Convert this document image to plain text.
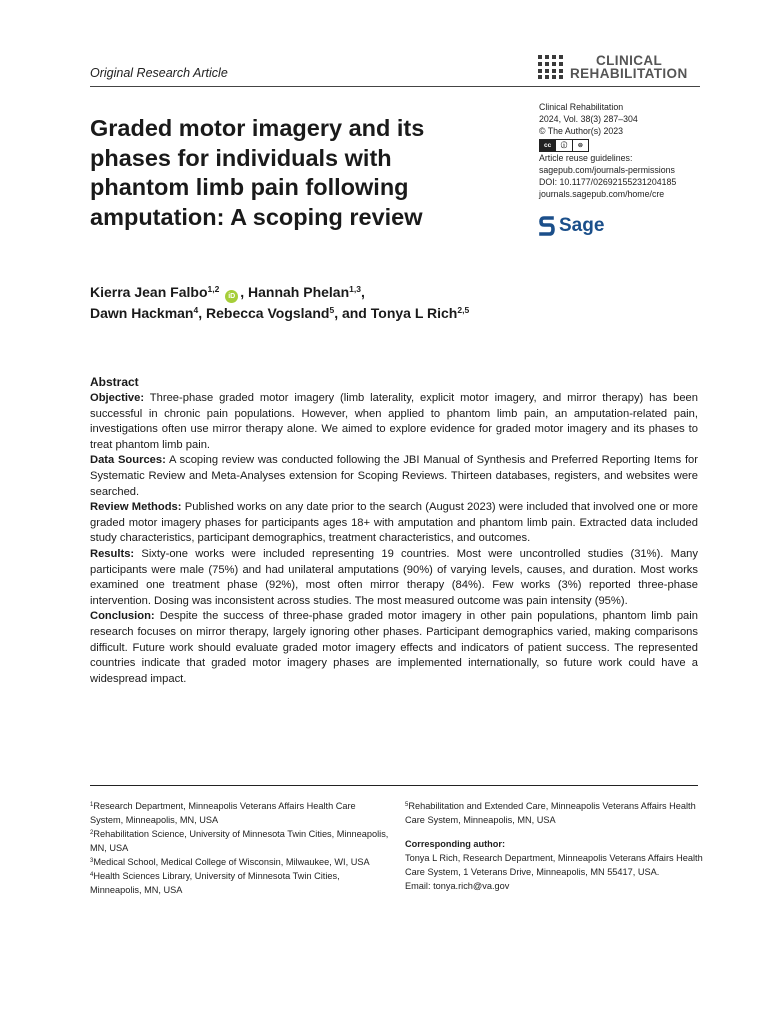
Original Research Article
CLINICAL
REHABILITATION
Graded motor imagery and its phases for individuals with phantom limb pain following amputation: A scoping review
Clinical Rehabilitation
2024, Vol. 38(3) 287–304
© The Author(s) 2023
cc	ⓘ	⊜
Article reuse guidelines:
sagepub.com/journals-permissions
DOI: 10.1177/02692155231204185
journals.sagepub.com/home/cre
Sage
Kierra Jean Falbo$^{1,2}$ iD , Hannah Phelan$^{1,3}$,
Dawn Hackman$^4$, Rebecca Vogsland$^5$, and Tonya L Rich$^{2,5}$
Abstract

Objective: Three-phase graded motor imagery (limb laterality, explicit motor imagery, and mirror therapy) has been successful in chronic pain populations. However, when applied to phantom limb pain, an amputation-related pain, investigations often use mirror therapy alone. We aimed to explore evidence for graded motor imagery and its phases to treat phantom limb pain.

Data Sources: A scoping review was conducted following the JBI Manual of Synthesis and Preferred Reporting Items for Systematic Review and Meta-Analyses extension for Scoping Reviews. Thirteen databases, registers, and websites were searched.

Review Methods: Published works on any date prior to the search (August 2023) were included that involved one or more graded motor imagery phases for participants ages 18+ with amputation and phantom limb pain. Extracted data included study characteristics, participant demographics, treatment characteristics, and outcomes.

Results: Sixty-one works were included representing 19 countries. Most were uncontrolled studies (31%). Many participants were male (75%) and had unilateral amputations (90%) of varying levels, causes, and duration. Most works examined one treatment phase (92%), most often mirror therapy (84%). Few works (3%) reported three-phase intervention. Dosing was inconsistent across studies. The most measured outcome was pain intensity (95%).

Conclusion: Despite the success of three-phase graded motor imagery in other pain populations, phantom limb pain research focuses on mirror therapy, largely ignoring other phases. Participant demographics varied, making comparisons difficult. Future work should evaluate graded motor imagery effects and indicators of patient success. The represented countries indicate that graded motor imagery phases are implemented internationally, so future work could have a widespread impact.

$^1$Research Department, Minneapolis Veterans Affairs Health Care System, Minneapolis, MN, USA

$^2$Rehabilitation Science, University of Minnesota Twin Cities, Minneapolis, MN, USA

$^3$Medical School, Medical College of Wisconsin, Milwaukee, WI, USA

$^4$Health Sciences Library, University of Minnesota Twin Cities, Minneapolis, MN, USA

$^5$Rehabilitation and Extended Care, Minneapolis Veterans Affairs Health Care System, Minneapolis, MN, USA

Corresponding author:

Tonya L Rich, Research Department, Minneapolis Veterans Affairs Health Care System, 1 Veterans Drive, Minneapolis, MN 55417, USA.

Email: tonya.rich@va.gov
